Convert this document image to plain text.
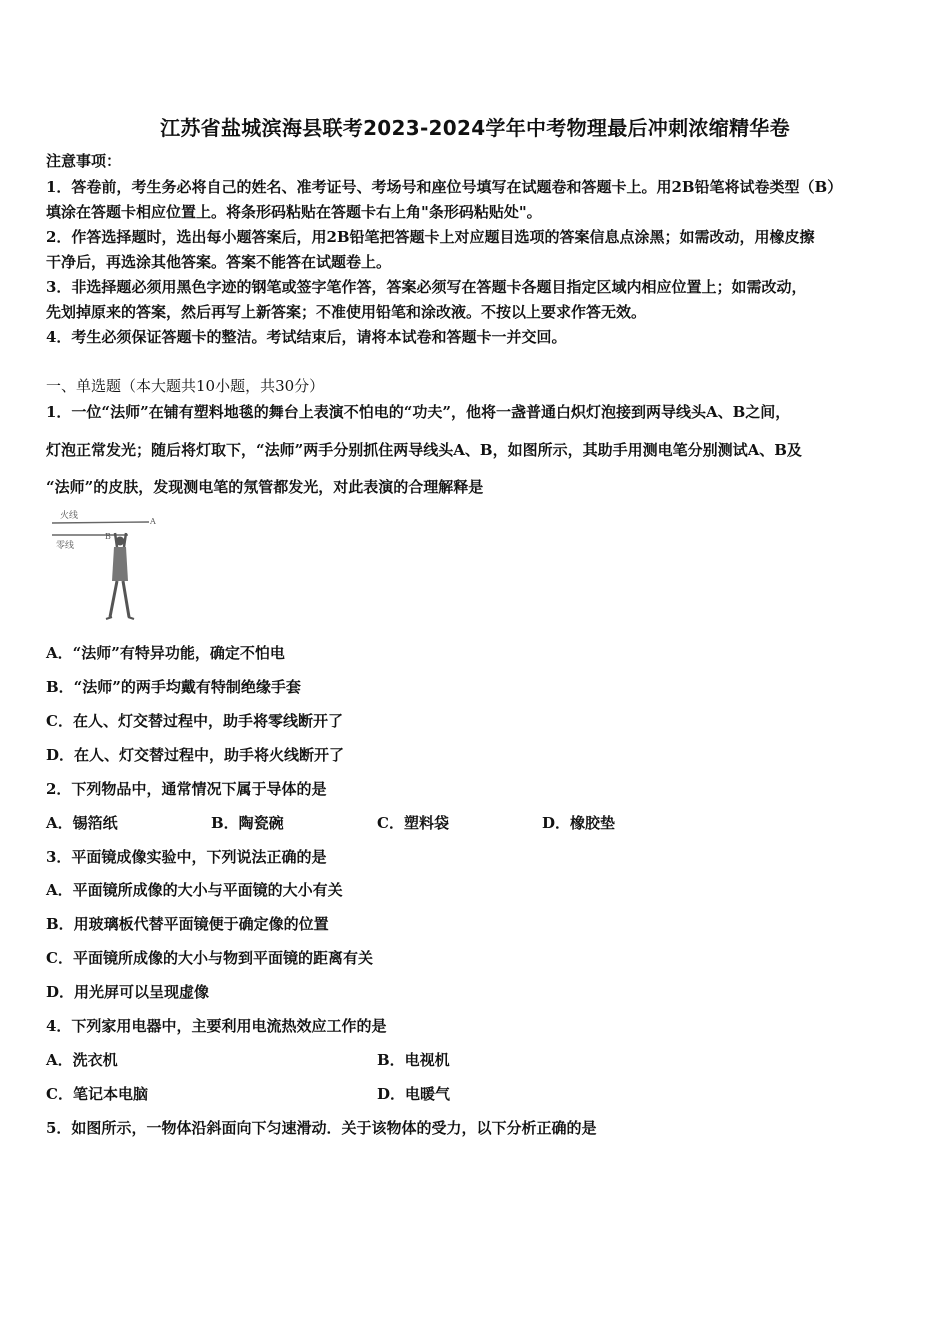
江苏省盐城滨海县联考2023-2024学年中考物理最后冲刺浓缩精华卷
注意事项：
1．答卷前，考生务必将自己的姓名、准考证号、考场号和座位号填写在试题卷和答题卡上。用2B铅笔将试卷类型（B）
填涂在答题卡相应位置上。将条形码粘贴在答题卡右上角"条形码粘贴处"。
2．作答选择题时，选出每小题答案后，用2B铅笔把答题卡上对应题目选项的答案信息点涂黑；如需改动，用橡皮擦
干净后，再选涂其他答案。答案不能答在试题卷上。
3．非选择题必须用黑色字迹的钢笔或签字笔作答，答案必须写在答题卡各题目指定区域内相应位置上；如需改动，
先划掉原来的答案，然后再写上新答案；不准使用铅笔和涂改液。不按以上要求作答无效。
4．考生必须保证答题卡的整洁。考试结束后，请将本试卷和答题卡一并交回。
一、单选题（本大题共10小题，共30分）
1．一位“法师”在铺有塑料地毯的舞台上表演不怕电的“功夫”，他将一盏普通白炽灯泡接到两导线头A、B之间，
灯泡正常发光；随后将灯取下，“法师”两手分别抓住两导线头A、B，如图所示，其助手用测电笔分别测试A、B及
“法师”的皮肤，发现测电笔的氖管都发光，对此表演的合理解释是
火线
零线
A
B
A．“法师”有特异功能，确定不怕电
B．“法师”的两手均戴有特制绝缘手套
C．在人、灯交替过程中，助手将零线断开了
D．在人、灯交替过程中，助手将火线断开了
2．下列物品中，通常情况下属于导体的是
A．锡箔纸	B．陶瓷碗	C．塑料袋	D．橡胶垫
3．平面镜成像实验中，下列说法正确的是
A．平面镜所成像的大小与平面镜的大小有关
B．用玻璃板代替平面镜便于确定像的位置
C．平面镜所成像的大小与物到平面镜的距离有关
D．用光屏可以呈现虚像
4．下列家用电器中，主要利用电流热效应工作的是
A．洗衣机	B．电视机
C．笔记本电脑	D．电暖气
5．如图所示，一物体沿斜面向下匀速滑动．关于该物体的受力，以下分析正确的是
